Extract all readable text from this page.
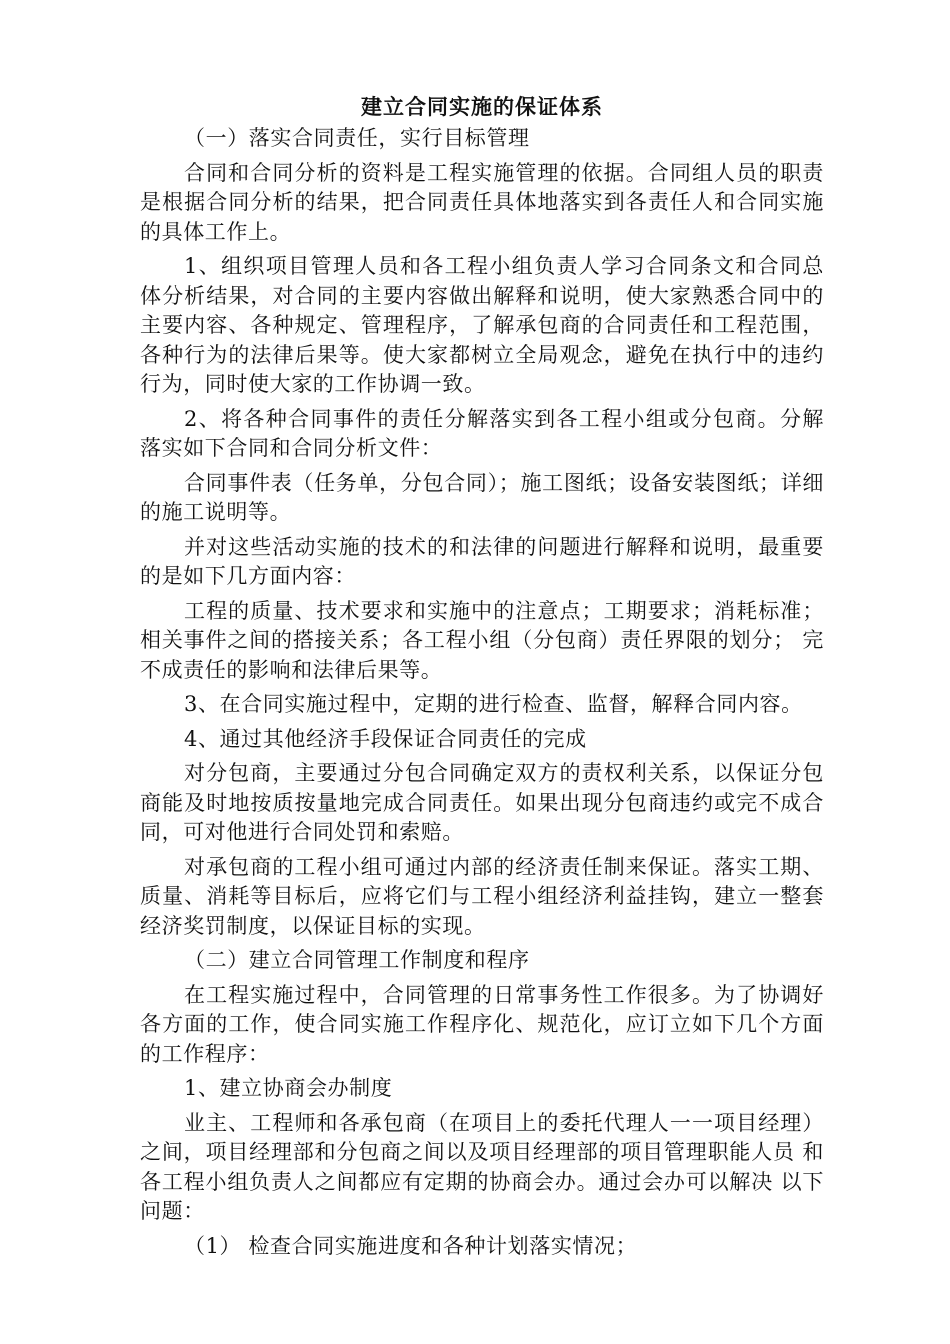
建立合同实施的保证体系

（一）落实合同责任，实行目标管理

合同和合同分析的资料是工程实施管理的依据。合同组人员的职责是根据合同分析的结果，把合同责任具体地落实到各责任人和合同实施的具体工作上。

1、组织项目管理人员和各工程小组负责人学习合同条文和合同总体分析结果，对合同的主要内容做出解释和说明，使大家熟悉合同中的主要内容、各种规定、管理程序，了解承包商的合同责任和工程范围，各种行为的法律后果等。使大家都树立全局观念，避免在执行中的违约行为，同时使大家的工作协调一致。

2、将各种合同事件的责任分解落实到各工程小组或分包商。分解落实如下合同和合同分析文件：

合同事件表（任务单，分包合同）；施工图纸；设备安装图纸；详细的施工说明等。

并对这些活动实施的技术的和法律的问题进行解释和说明，最重要的是如下几方面内容：

工程的质量、技术要求和实施中的注意点；工期要求；消耗标准； 相关事件之间的搭接关系；各工程小组（分包商）责任界限的划分； 完不成责任的影响和法律后果等。

3、在合同实施过程中，定期的进行检查、监督，解释合同内容。

4、通过其他经济手段保证合同责任的完成

对分包商，主要通过分包合同确定双方的责权利关系，以保证分包商能及时地按质按量地完成合同责任。如果出现分包商违约或完不成合同，可对他进行合同处罚和索赔。

对承包商的工程小组可通过内部的经济责任制来保证。落实工期、质量、消耗等目标后，应将它们与工程小组经济利益挂钩，建立一整套经济奖罚制度，以保证目标的实现。

（二）建立合同管理工作制度和程序

在工程实施过程中，合同管理的日常事务性工作很多。为了协调好各方面的工作，使合同实施工作程序化、规范化，应订立如下几个方面的工作程序：

1、建立协商会办制度

业主、工程师和各承包商（在项目上的委托代理人一一项目经理） 之间，项目经理部和分包商之间以及项目经理部的项目管理职能人员 和各工程小组负责人之间都应有定期的协商会办。通过会办可以解决 以下问题：

（1） 检查合同实施进度和各种计划落实情况；
